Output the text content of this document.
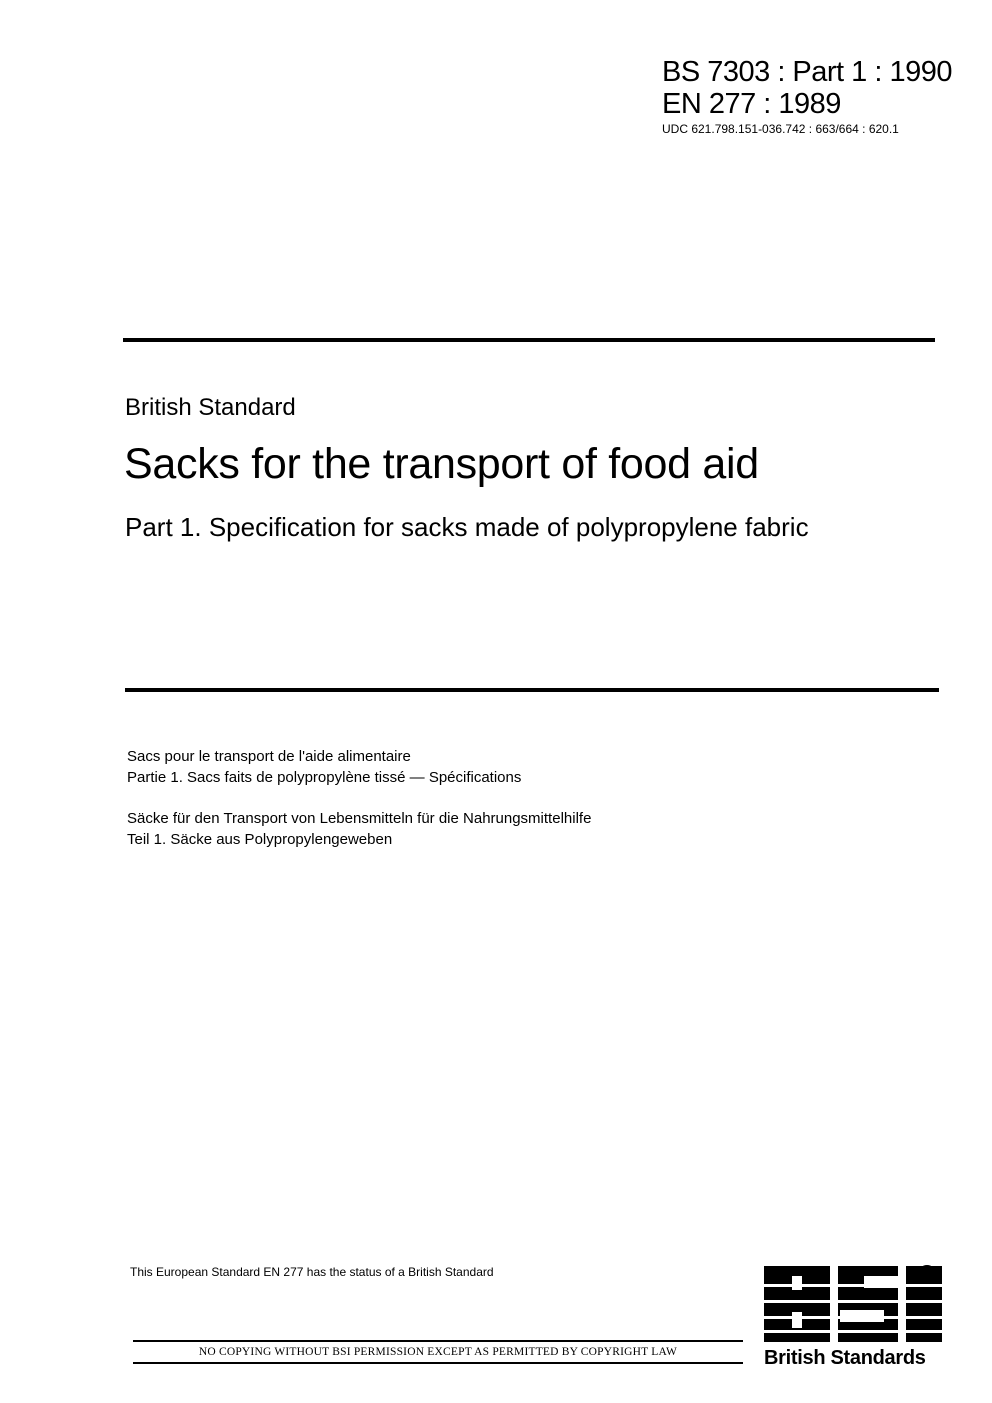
BS 7303 : Part 1 : 1990
EN 277 : 1989
UDC 621.798.151-036.742 : 663/664 : 620.1
British Standard
Sacks for the transport of food aid
Part 1. Specification for sacks made of polypropylene fabric
Sacs pour le transport de l'aide alimentaire
Partie 1. Sacs faits de polypropylène tissé — Spécifications
Säcke für den Transport von Lebensmitteln für die Nahrungsmittelhilfe
Teil 1. Säcke aus Polypropylengeweben
This European Standard EN 277 has the status of a British Standard
NO COPYING WITHOUT BSI PERMISSION EXCEPT AS PERMITTED BY COPYRIGHT LAW	British Standards
